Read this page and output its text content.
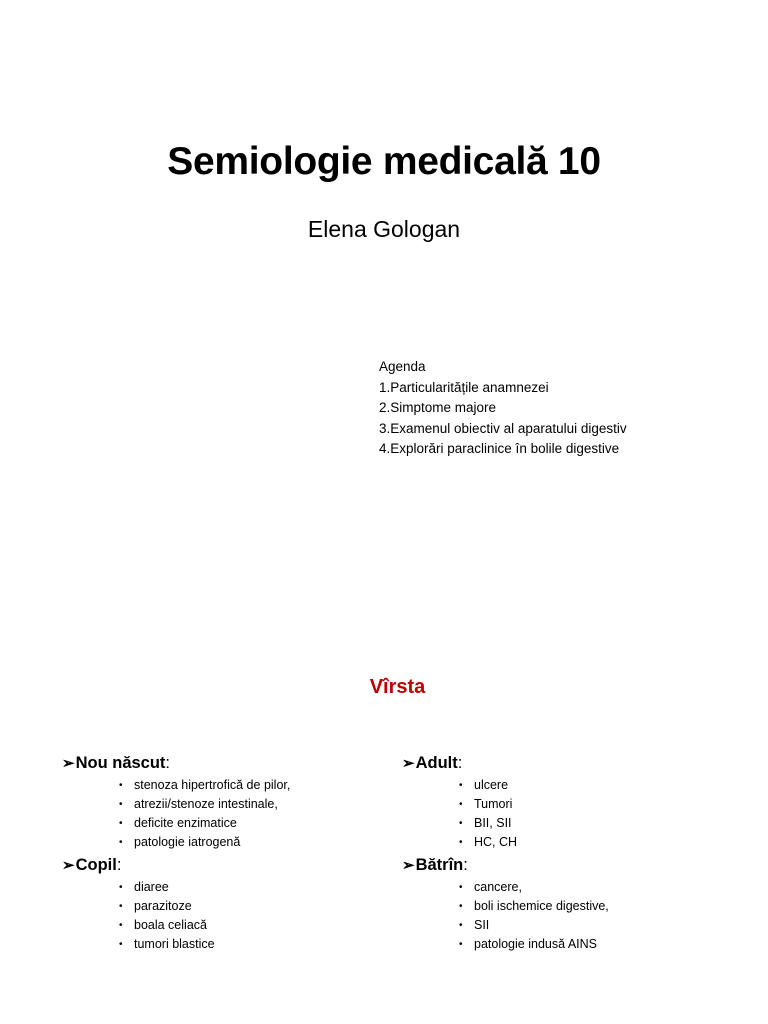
Semiologie medicală 10
Elena Gologan
Agenda
1.Particularitățile anamnezei
2.Simptome majore
3.Examenul obiectiv al aparatului digestiv
4.Explorări paraclinice în bolile digestive
Vîrsta
➢Nou născut:
• stenoza hipertrofică de pilor,
• atrezii/stenoze intestinale,
• deficite enzimatice
• patologie iatrogenă
➢Copil:
• diaree
• parazitoze
• boala celiacă
• tumori blastice
➢Adult:
• ulcere
• Tumori
• BII, SII
• HC, CH
➢Bătrîn:
• cancere,
• boli ischemice digestive,
• SII
• patologie indusă AINS
